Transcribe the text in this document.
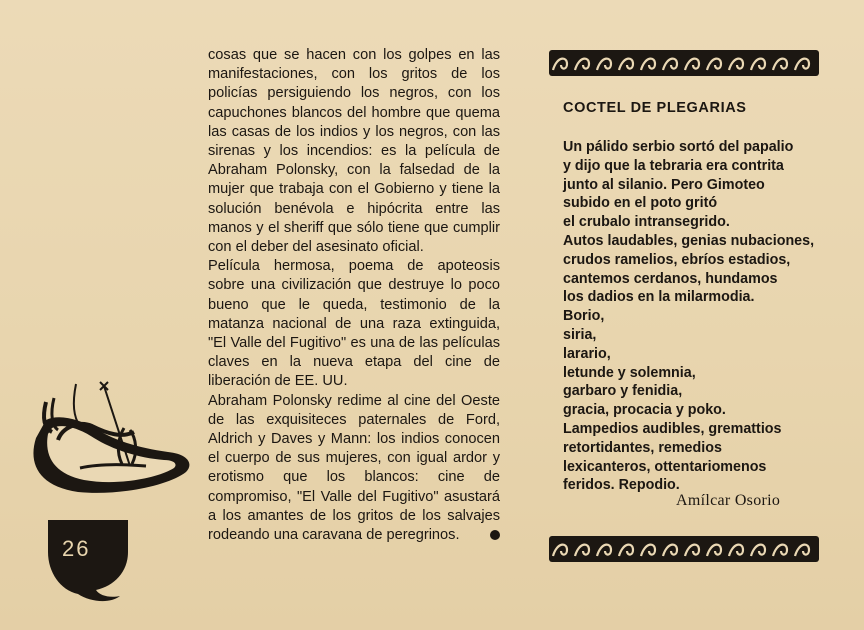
cosas que se hacen con los golpes en las manifestaciones, con los gritos de los policías persiguiendo los negros, con los capuchones blancos del hombre que quema las casas de los indios y los negros, con las sirenas y los incendios: es la película de Abraham Polonsky, con la falsedad de la mujer que trabaja con el Gobierno y tiene la solución benévola e hipócrita entre las manos y el sheriff que sólo tiene que cumplir con el deber del asesinato oficial.

Película hermosa, poema de apoteosis sobre una civilización que destruye lo poco bueno que le queda, testimonio de la matanza nacional de una raza extinguida, "El Valle del Fugitivo" es una de las películas claves en la nueva etapa del cine de liberación de EE. UU.

Abraham Polonsky redime al cine del Oeste de las exquisiteces paternales de Ford, Aldrich y Daves y Mann: los indios conocen el cuerpo de sus mujeres, con igual ardor y erotismo que los blancos: cine de compromiso, "El Valle del Fugitivo" asustará a los amantes de los gritos de los salvajes rodeando una caravana de peregrinos.

26
COCTEL DE PLEGARIAS
Un pálido serbio sortó del papalio
y dijo que la tebraria era contrita
junto al silanio. Pero Gimoteo
subido en el poto gritó
el crubalo intransegrido.
Autos laudables, genias nubaciones,
crudos ramelios, ebríos estadios,
cantemos cerdanos, hundamos
los dadios en la milarmodia.
Borio,
siria,
larario,
letunde y solemnia,
garbaro y fenidia,
gracia, procacia y poko.
Lampedios audibles, gremattios
retortidantes, remedios
lexicanteros, ottentariomenos
feridos. Repodio.
Amílcar Osorio
